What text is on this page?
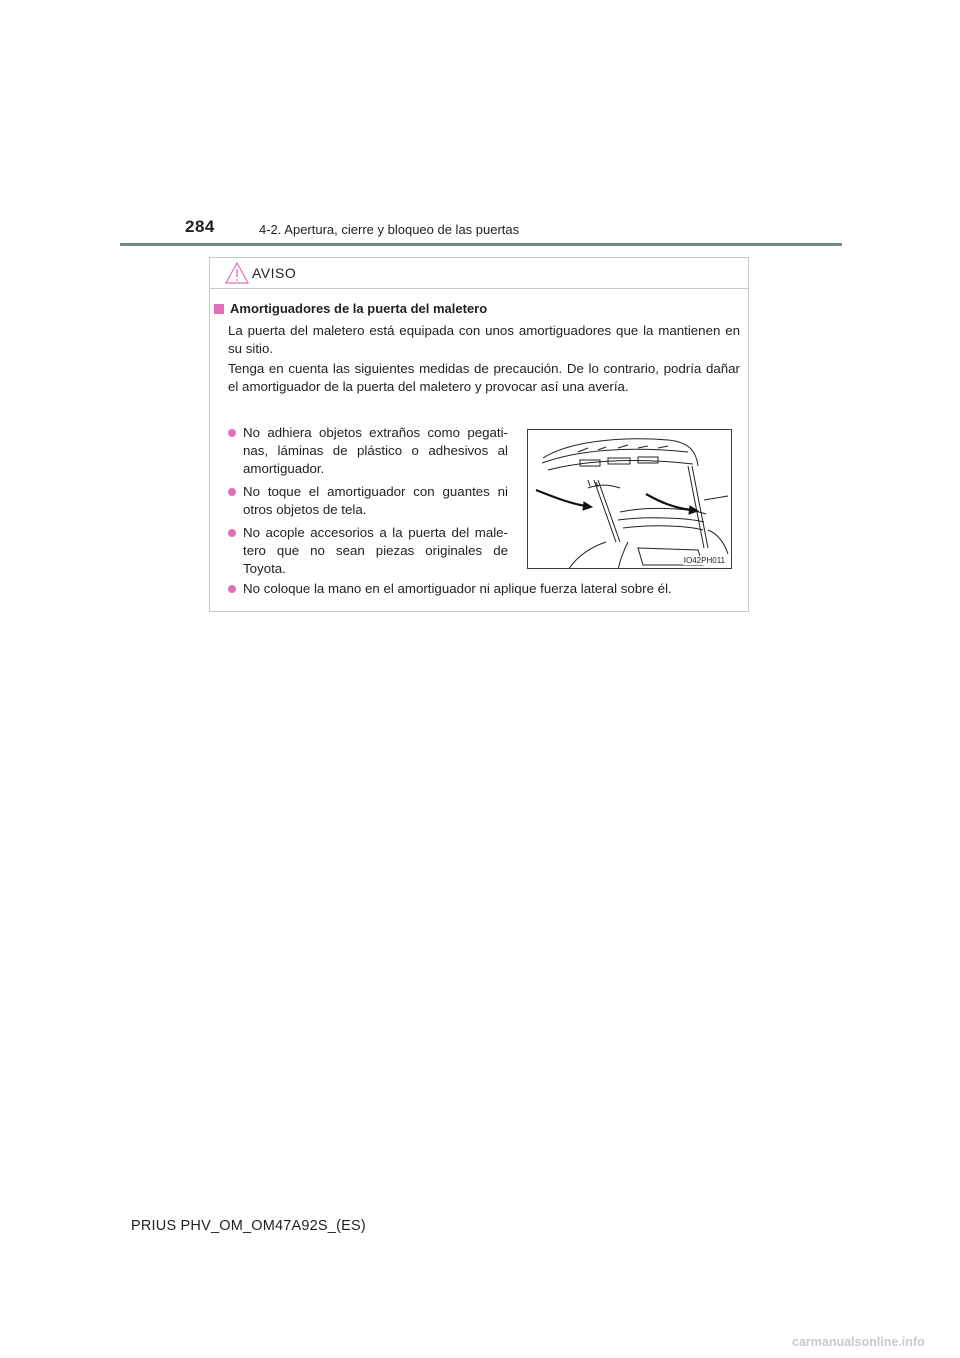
284	4-2. Apertura, cierre y bloqueo de las puertas
AVISO
Amortiguadores de la puerta del maletero
La puerta del maletero está equipada con unos amortiguadores que la mantienen en su sitio.
Tenga en cuenta las siguientes medidas de precaución. De lo contrario, podría dañar el amortiguador de la puerta del maletero y provocar así una avería.
No adhiera objetos extraños como pegati-nas, láminas de plástico o adhesivos al amortiguador.
No toque el amortiguador con guantes ni otros objetos de tela.
No acople accesorios a la puerta del male-tero que no sean piezas originales de Toyota.
No coloque la mano en el amortiguador ni aplique fuerza lateral sobre él.
IO42PH011
PRIUS PHV_OM_OM47A92S_(ES)
carmanualsonline.info
